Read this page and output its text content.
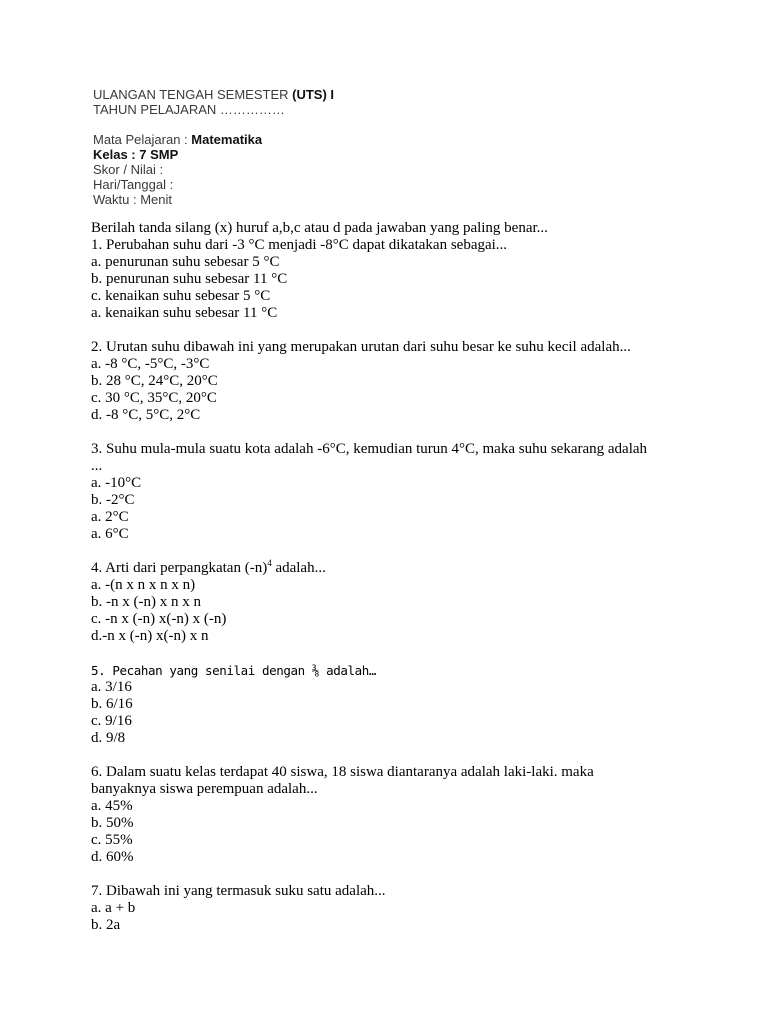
ULANGAN TENGAH SEMESTER (UTS) I
TAHUN PELAJARAN ……………
Mata Pelajaran : Matematika
Kelas : 7 SMP
Skor / Nilai :
Hari/Tanggal :
Waktu : Menit

Berilah tanda silang (x) huruf a,b,c atau d pada jawaban yang paling benar...

1. Perubahan suhu dari -3 °C menjadi -8°C dapat dikatakan sebagai...

a. penurunan suhu sebesar 5 °C

b. penurunan suhu sebesar 11 °C

c. kenaikan suhu sebesar 5 °C

a. kenaikan suhu sebesar 11 °C

2. Urutan suhu dibawah ini yang merupakan urutan dari suhu besar ke suhu kecil adalah...

a. -8 °C, -5°C, -3°C

b. 28 °C, 24°C, 20°C

c. 30 °C, 35°C, 20°C

d. -8 °C, 5°C, 2°C

3. Suhu mula-mula suatu kota adalah -6°C, kemudian turun 4°C, maka suhu sekarang adalah

...

a. -10°C

b. -2°C

a. 2°C

a. 6°C

4. Arti dari perpangkatan $(-n)^4$ adalah...

a. -(n x n x n x n)

b. -n x (-n) x n x n

c. -n x (-n) x(-n) x (-n)

d.-n x (-n) x(-n) x n

5. Pecahan yang senilai dengan ⅜ adalah…

a. 3/16

b. 6/16

c. 9/16

d. 9/8

6. Dalam suatu kelas terdapat 40 siswa, 18 siswa diantaranya adalah laki-laki. maka

banyaknya siswa perempuan adalah...

a. 45%

b. 50%

c. 55%

d. 60%

7. Dibawah ini yang termasuk suku satu adalah...

a. a + b

b. 2a
